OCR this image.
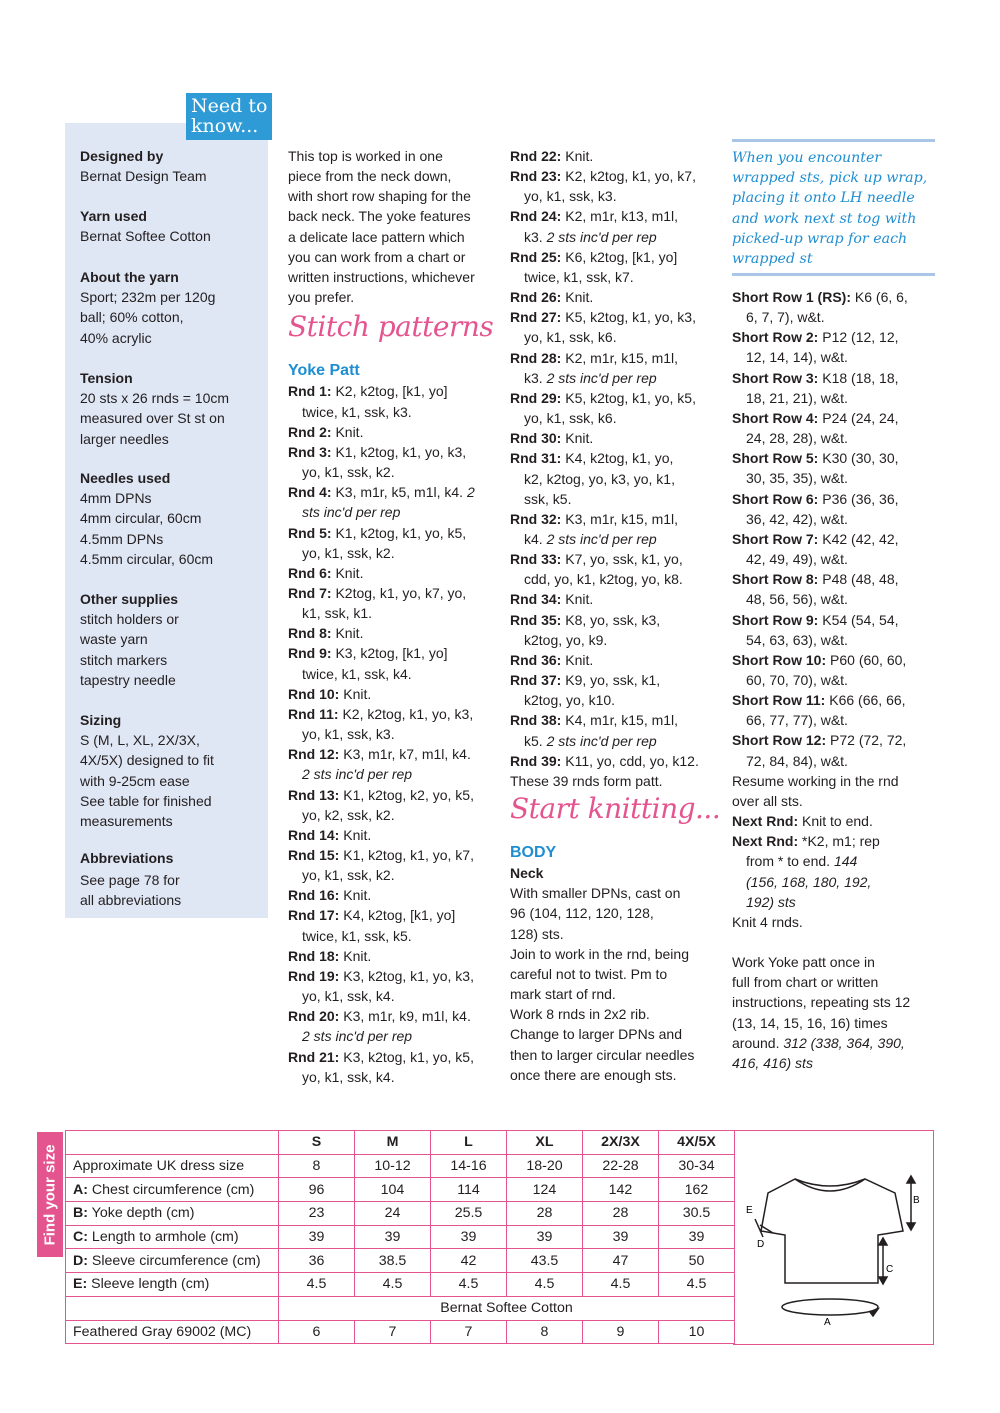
Need to know...
Designed by
Bernat Design Team
Yarn used
Bernat Softee Cotton
About the yarn
Sport; 232m per 120g
ball; 60% cotton,
40% acrylic
Tension
20 sts x 26 rnds = 10cm
measured over St st on
larger needles
Needles used
4mm DPNs
4mm circular, 60cm
4.5mm DPNs
4.5mm circular, 60cm
Other supplies
stitch holders or
waste yarn
stitch markers
tapestry needle
Sizing
S (M, L, XL, 2X/3X,
4X/5X) designed to fit
with 9-25cm ease
See table for finished
measurements
Abbreviations
See page 78 for
all abbreviations

This top is worked in one

piece from the neck down,

with short row shaping for the

back neck. The yoke features

a delicate lace pattern which

you can work from a chart or

written instructions, whichever

you prefer.

Stitch patterns
Yoke Patt

Rnd 1: K2, k2tog, [k1, yo]

twice, k1, ssk, k3.

Rnd 2: Knit.

Rnd 3: K1, k2tog, k1, yo, k3,

yo, k1, ssk, k2.

Rnd 4: K3, m1r, k5, m1l, k4. 2

sts inc'd per rep

Rnd 5: K1, k2tog, k1, yo, k5,

yo, k1, ssk, k2.

Rnd 6: Knit.

Rnd 7: K2tog, k1, yo, k7, yo,

k1, ssk, k1.

Rnd 8: Knit.

Rnd 9: K3, k2tog, [k1, yo]

twice, k1, ssk, k4.

Rnd 10: Knit.

Rnd 11: K2, k2tog, k1, yo, k3,

yo, k1, ssk, k3.

Rnd 12: K3, m1r, k7, m1l, k4.

2 sts inc'd per rep

Rnd 13: K1, k2tog, k2, yo, k5,

yo, k2, ssk, k2.

Rnd 14: Knit.

Rnd 15: K1, k2tog, k1, yo, k7,

yo, k1, ssk, k2.

Rnd 16: Knit.

Rnd 17: K4, k2tog, [k1, yo]

twice, k1, ssk, k5.

Rnd 18: Knit.

Rnd 19: K3, k2tog, k1, yo, k3,

yo, k1, ssk, k4.

Rnd 20: K3, m1r, k9, m1l, k4.

2 sts inc'd per rep

Rnd 21: K3, k2tog, k1, yo, k5,

yo, k1, ssk, k4.

Rnd 22: Knit.

Rnd 23: K2, k2tog, k1, yo, k7,

yo, k1, ssk, k3.

Rnd 24: K2, m1r, k13, m1l,

k3. 2 sts inc'd per rep

Rnd 25: K6, k2tog, [k1, yo]

twice, k1, ssk, k7.

Rnd 26: Knit.

Rnd 27: K5, k2tog, k1, yo, k3,

yo, k1, ssk, k6.

Rnd 28: K2, m1r, k15, m1l,

k3. 2 sts inc'd per rep

Rnd 29: K5, k2tog, k1, yo, k5,

yo, k1, ssk, k6.

Rnd 30: Knit.

Rnd 31: K4, k2tog, k1, yo,

k2, k2tog, yo, k3, yo, k1,

ssk, k5.

Rnd 32: K3, m1r, k15, m1l,

k4. 2 sts inc'd per rep

Rnd 33: K7, yo, ssk, k1, yo,

cdd, yo, k1, k2tog, yo, k8.

Rnd 34: Knit.

Rnd 35: K8, yo, ssk, k3,

k2tog, yo, k9.

Rnd 36: Knit.

Rnd 37: K9, yo, ssk, k1,

k2tog, yo, k10.

Rnd 38: K4, m1r, k15, m1l,

k5. 2 sts inc'd per rep

Rnd 39: K11, yo, cdd, yo, k12.

These 39 rnds form patt.

Start knitting...
BODY

Neck

With smaller DPNs, cast on

96 (104, 112, 120, 128,

128) sts.

Join to work in the rnd, being

careful not to twist. Pm to

mark start of rnd.

Work 8 rnds in 2x2 rib.

Change to larger DPNs and

then to larger circular needles

once there are enough sts.

When you encounter
wrapped sts, pick up wrap,
placing it onto LH needle
and work next st tog with
picked-up wrap for each
wrapped st

Short Row 1 (RS): K6 (6, 6,

6, 7, 7), w&t.

Short Row 2: P12 (12, 12,

12, 14, 14), w&t.

Short Row 3: K18 (18, 18,

18, 21, 21), w&t.

Short Row 4: P24 (24, 24,

24, 28, 28), w&t.

Short Row 5: K30 (30, 30,

30, 35, 35), w&t.

Short Row 6: P36 (36, 36,

36, 42, 42), w&t.

Short Row 7: K42 (42, 42,

42, 49, 49), w&t.

Short Row 8: P48 (48, 48,

48, 56, 56), w&t.

Short Row 9: K54 (54, 54,

54, 63, 63), w&t.

Short Row 10: P60 (60, 60,

60, 70, 70), w&t.

Short Row 11: K66 (66, 66,

66, 77, 77), w&t.

Short Row 12: P72 (72, 72,

72, 84, 84), w&t.

Resume working in the rnd

over all sts.

Next Rnd: Knit to end.

Next Rnd: *K2, m1; rep

from * to end. 144

(156, 168, 180, 192,

192) sts

Knit 4 rnds.

Work Yoke patt once in

full from chart or written

instructions, repeating sts 12

(13, 14, 15, 16, 16) times

around. 312 (338, 364, 390,

416, 416) sts

Find your size
	S	M	L	XL	2X/3X	4X/5X
Approximate UK dress size	8	10-12	14-16	18-20	22-28	30-34
A: Chest circumference (cm)	96	104	114	124	142	162
B: Yoke depth (cm)	23	24	25.5	28	28	30.5
C: Length to armhole (cm)	39	39	39	39	39	39
D: Sleeve circumference (cm)	36	38.5	42	43.5	47	50
E: Sleeve length (cm)	4.5	4.5	4.5	4.5	4.5	4.5
	Bernat Softee Cotton					
Feathered Gray 69002 (MC)	6	7	7	8	9	10
B
C
A
E
D
